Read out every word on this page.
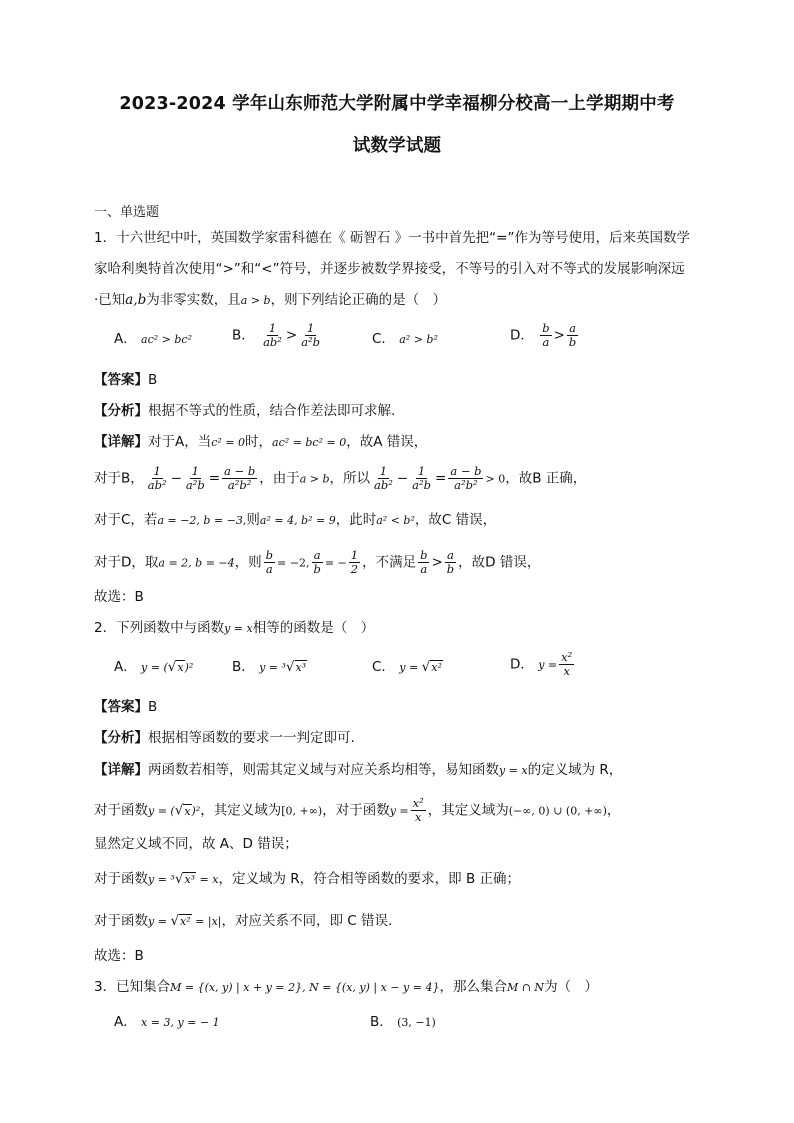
2023-2024 学年山东师范大学附属中学幸福柳分校高一上学期期中考
试数学试题
一、单选题
1．十六世纪中叶，英国数学家雷科德在《 砺智石 》一书中首先把“=”作为等号使用，后来英国数学
家哈利奥特首次使用“>”和“<”符号，并逐步被数学界接受，不等号的引入对不等式的发展影响深远
·已知a,b为非零实数，且a > b，则下列结论正确的是（　）
A． ac² > bc²	B． $\frac{1}{\text{ab²}} > \frac{1}{\text{a²b}}$	C． a² > b²	D． $\frac{b}{a} > \frac{a}{b}$
【答案】B
【分析】根据不等式的性质，结合作差法即可求解.
【详解】对于A，当c² = 0时，ac² = bc² = 0，故A 错误，
对于B， $\frac{1}{\text{ab²}} - \frac{1}{\text{a²b}} = \frac{a - b}{\text{a²b²}}$ ，由于a > b，所以 $\frac{1}{\text{ab²}} - \frac{1}{\text{a²b}} = \frac{a - b}{\text{a²b²}} > 0$，故B 正确，
对于C，若a = −2, b = −3,则a² = 4, b² = 9，此时a² < b²，故C 错误，
对于D，取a = 2, b = −4，则 $\frac{b}{a} = -2$, $\frac{a}{b}$ = − $\frac{1}{2}$ ，不满足 $\frac{b}{a} > \frac{a}{b}$ ，故D 错误，
故选：B
2．下列函数中与函数y = x相等的函数是（　）
A． y = (√x)²	B． y = ³√x³	C． y = √x²	D． $y = \frac{\text{x²}}{x}$
【答案】B
【分析】根据相等函数的要求一一判定即可.
【详解】两函数若相等，则需其定义域与对应关系均相等，易知函数y = x的定义域为 R，
对于函数y = (√x)²，其定义域为[0, +∞)，对于函数$y = \frac{\text{x²}}{x}$ ，其定义域为(−∞, 0) ∪ (0, +∞)，
显然定义域不同，故 A、D 错误；
对于函数y = ³√x³ = x，定义域为 R，符合相等函数的要求，即 B 正确；
对于函数y = √x² = |x|，对应关系不同，即 C 错误.
故选：B
3．已知集合M = {(x, y) | x + y = 2}, N = {(x, y) | x − y = 4}，那么集合M ∩ N为（　）
A． x = 3, y = − 1	B． (3, −1)
